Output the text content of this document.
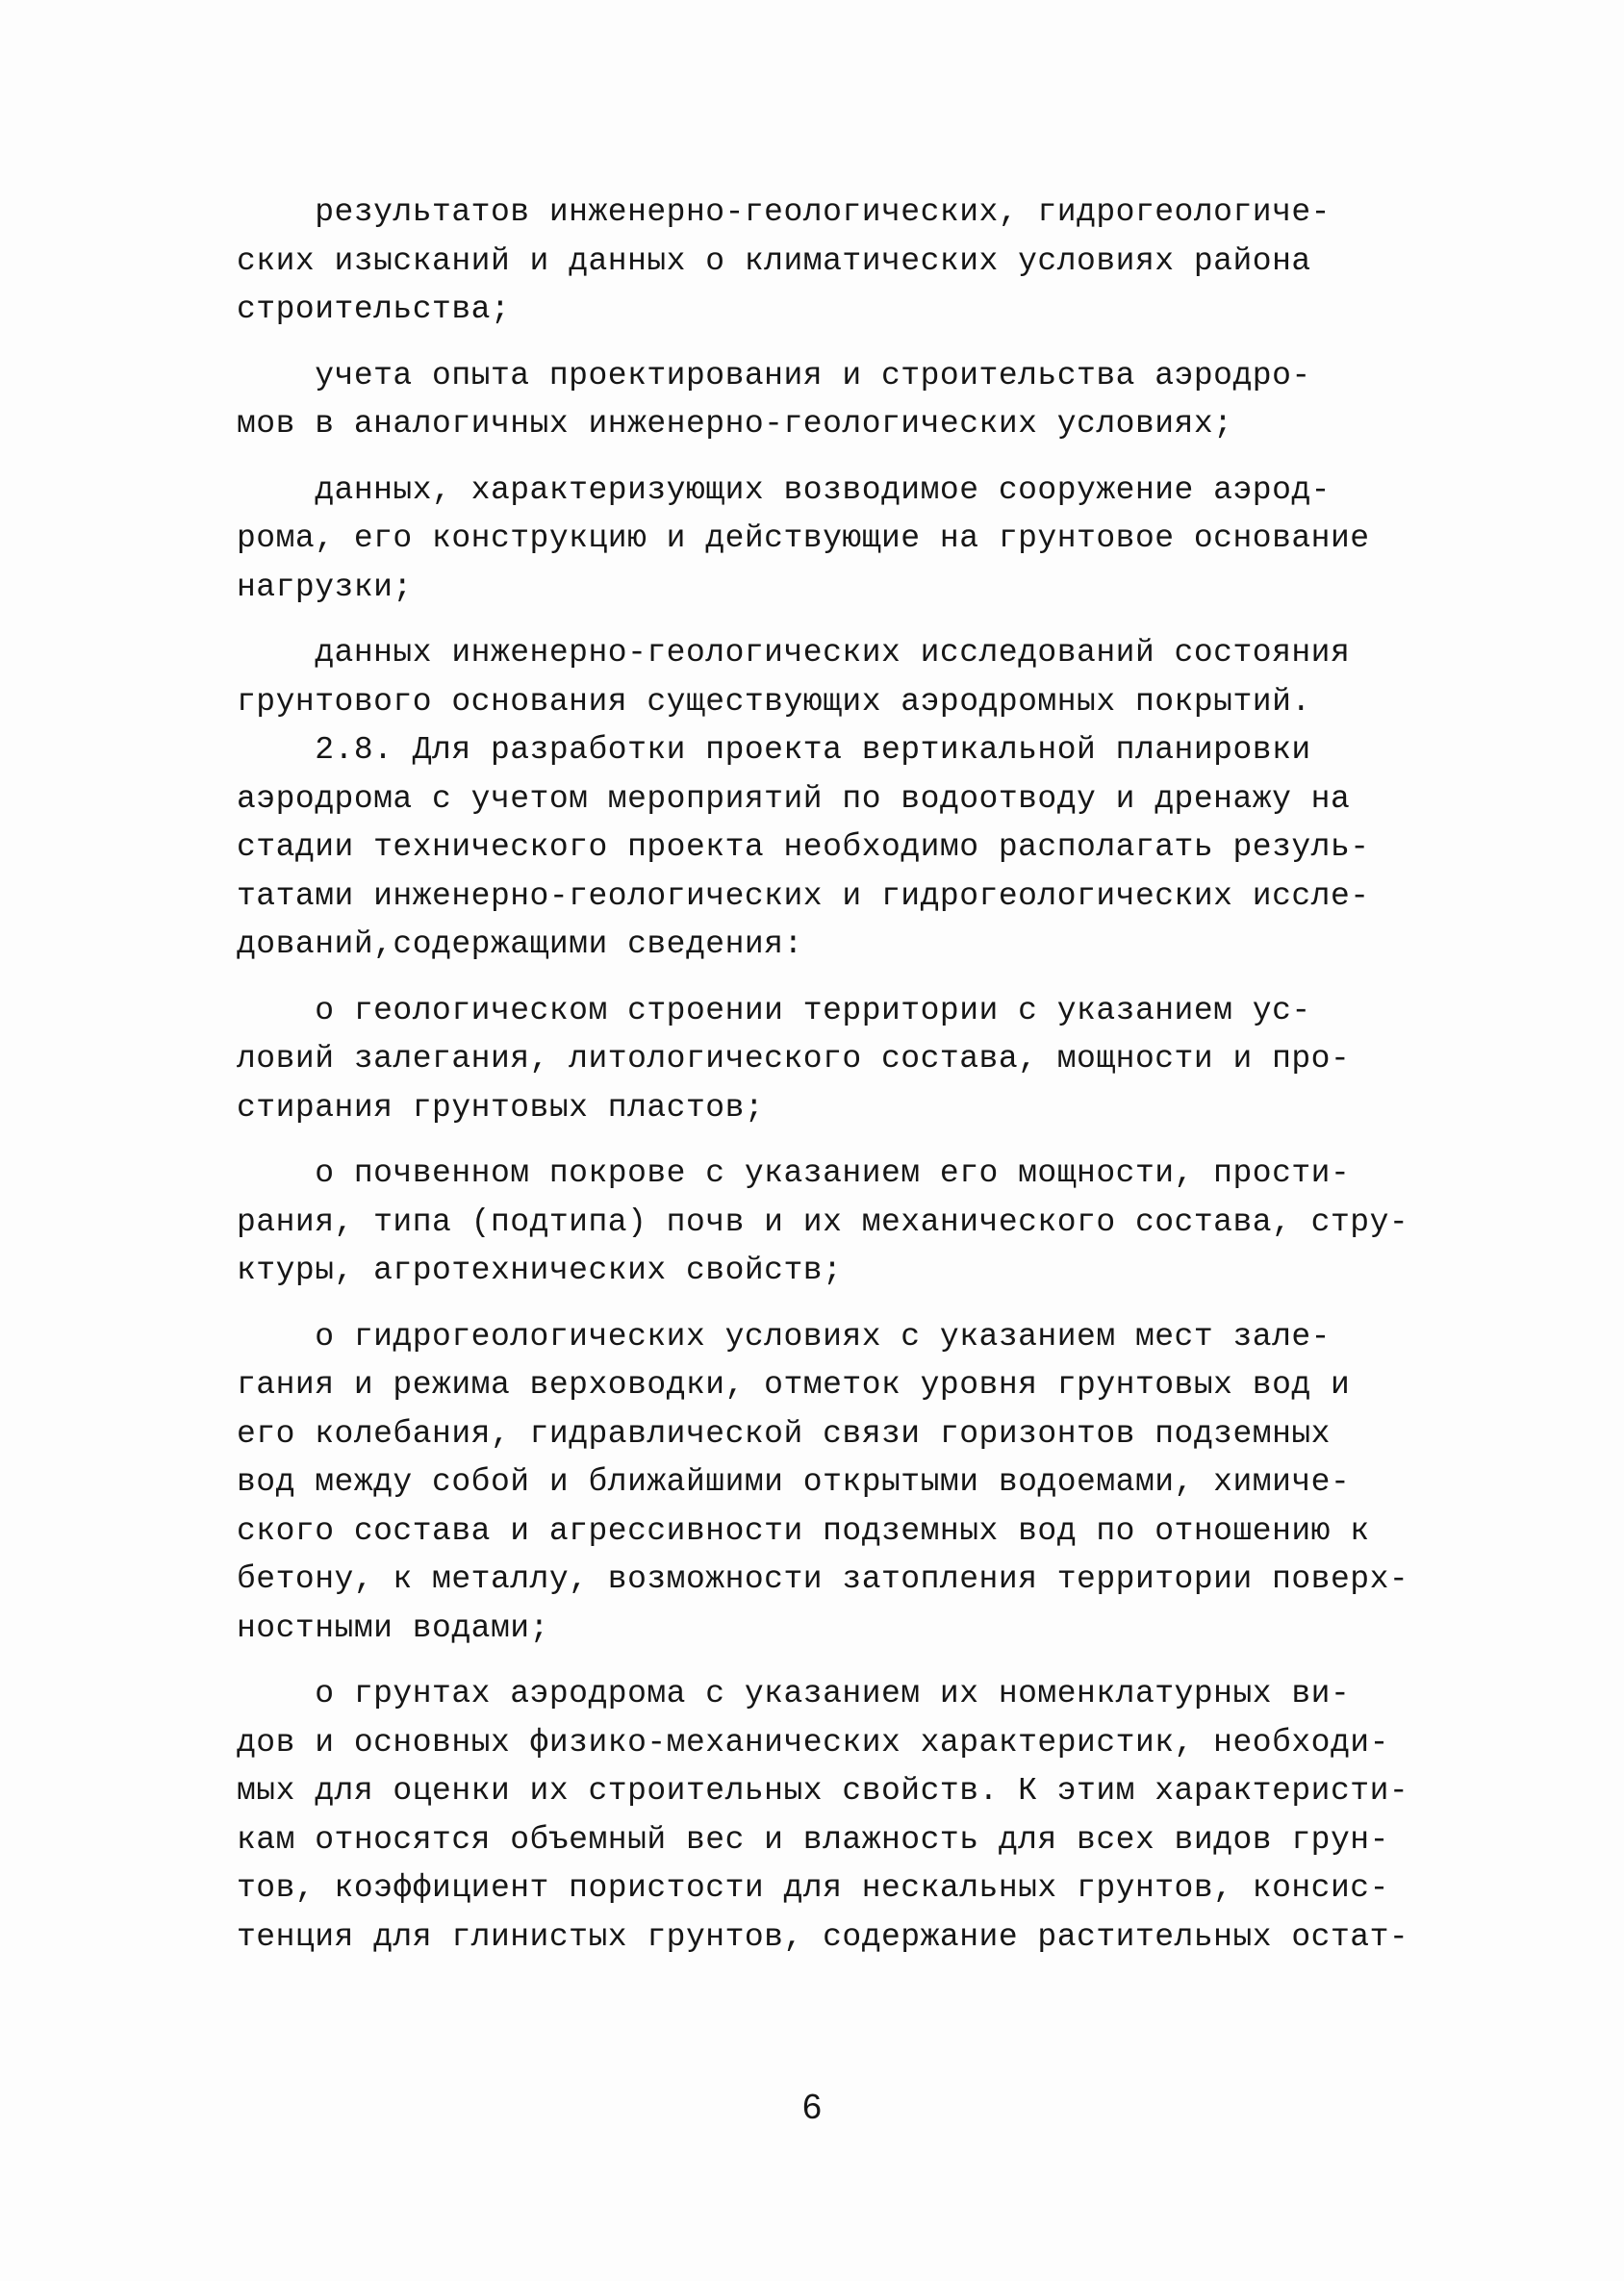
результатов инженерно-геологических, гидрогеологиче-
ских изысканий и данных о климатических условиях района
строительства;
учета опыта проектирования и строительства аэродро-
мов в аналогичных инженерно-геологических условиях;
данных, характеризующих возводимое сооружение аэрод-
рома, его конструкцию и действующие на грунтовое основание
нагрузки;
данных инженерно-геологических исследований состояния
грунтового основания существующих аэродромных покрытий.
2.8. Для разработки проекта вертикальной планировки
аэродрома с учетом мероприятий по водоотводу и дренажу на
стадии технического проекта необходимо располагать резуль-
татами инженерно-геологических и гидрогеологических иссле-
дований,содержащими сведения:
о геологическом строении территории с указанием ус-
ловий залегания, литологического состава, мощности и про-
стирания грунтовых пластов;
о почвенном покрове с указанием его мощности, прости-
рания, типа (подтипа) почв и их механического состава, стру-
ктуры, агротехнических свойств;
о гидрогеологических условиях с указанием мест зале-
гания и режима верховодки, отметок уровня грунтовых вод и
его колебания, гидравлической связи горизонтов подземных
вод между собой и ближайшими открытыми водоемами, химиче-
ского состава и агрессивности подземных вод по отношению к
бетону, к металлу, возможности затопления территории поверх-
ностными водами;
о грунтах аэродрома с указанием их номенклатурных ви-
дов и основных физико-механических характеристик, необходи-
мых для оценки их строительных свойств. К этим характеристи-
кам относятся объемный вес и влажность для всех видов грун-
тов, коэффициент пористости для нескальных грунтов, консис-
тенция для глинистых грунтов, содержание растительных остат-
6
